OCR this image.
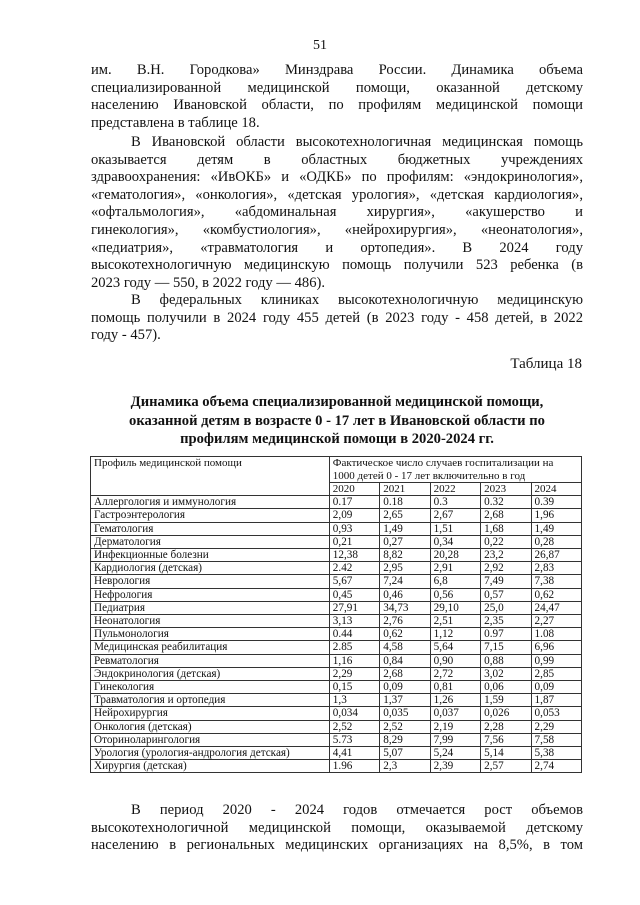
51
им. В.Н. Городкова» Минздрава России. Динамика объема
специализированной медицинской помощи, оказанной детскому
населению Ивановской области, по профилям медицинской помощи
представлена в таблице 18.
В Ивановской области высокотехнологичная медицинская помощь
оказывается детям в областных бюджетных учреждениях
здравоохранения: «ИвОКБ» и «ОДКБ» по профилям: «эндокринология»,
«гематология», «онкология», «детская урология», «детская кардиология»,
«офтальмология», «абдоминальная хирургия», «акушерство и
гинекология», «комбустиология», «нейрохирургия», «неонатология»,
«педиатрия», «травматология и ортопедия». В 2024 году
высокотехнологичную медицинскую помощь получили 523 ребенка (в
2023 году — 550, в 2022 году — 486).
В федеральных клиниках высокотехнологичную медицинскую
помощь получили в 2024 году 455 детей (в 2023 году - 458 детей, в 2022
году - 457).
Таблица 18
Динамика объема специализированной медицинской помощи,
оказанной детям в возрасте 0 - 17 лет в Ивановской области по
профилям медицинской помощи в 2020-2024 гг.
Профиль медицинской помощи	Фактическое число случаев госпитализации на 1000 детей 0 - 17 лет включительно в год				
	2020	2021	2022	2023	2024
Аллергология и иммунология	0.17	0.18	0.3	0.32	0.39
Гастроэнтерология	2,09	2,65	2,67	2,68	1,96
Гематология	0,93	1,49	1,51	1,68	1,49
Дерматология	0,21	0,27	0,34	0,22	0,28
Инфекционные болезни	12,38	8,82	20,28	23,2	26,87
Кардиология (детская)	2.42	2,95	2,91	2,92	2,83
Неврология	5,67	7,24	6,8	7,49	7,38
Нефрология	0,45	0,46	0,56	0,57	0,62
Педиатрия	27,91	34,73	29,10	25,0	24,47
Неонатология	3,13	2,76	2,51	2,35	2,27
Пульмонология	0.44	0,62	1,12	0.97	1.08
Медицинская реабилитация	2.85	4,58	5,64	7,15	6,96
Ревматология	1,16	0,84	0,90	0,88	0,99
Эндокринология (детская)	2,29	2,68	2,72	3,02	2,85
Гинекология	0,15	0,09	0,81	0,06	0,09
Травматология и ортопедия	1,3	1,37	1,26	1,59	1,87
Нейрохирургия	0,034	0,035	0,037	0,026	0,053
Онкология (детская)	2,52	2,52	2,19	2,28	2,29
Оториноларингология	5.73	8,29	7,99	7,56	7,58
Урология (урология-андрология детская)	4,41	5,07	5,24	5,14	5,38
Хирургия (детская)	1.96	2,3	2,39	2,57	2,74
В период 2020 - 2024 годов отмечается рост объемов
высокотехнологичной медицинской помощи, оказываемой детскому
населению в региональных медицинских организациях на 8,5%, в том
